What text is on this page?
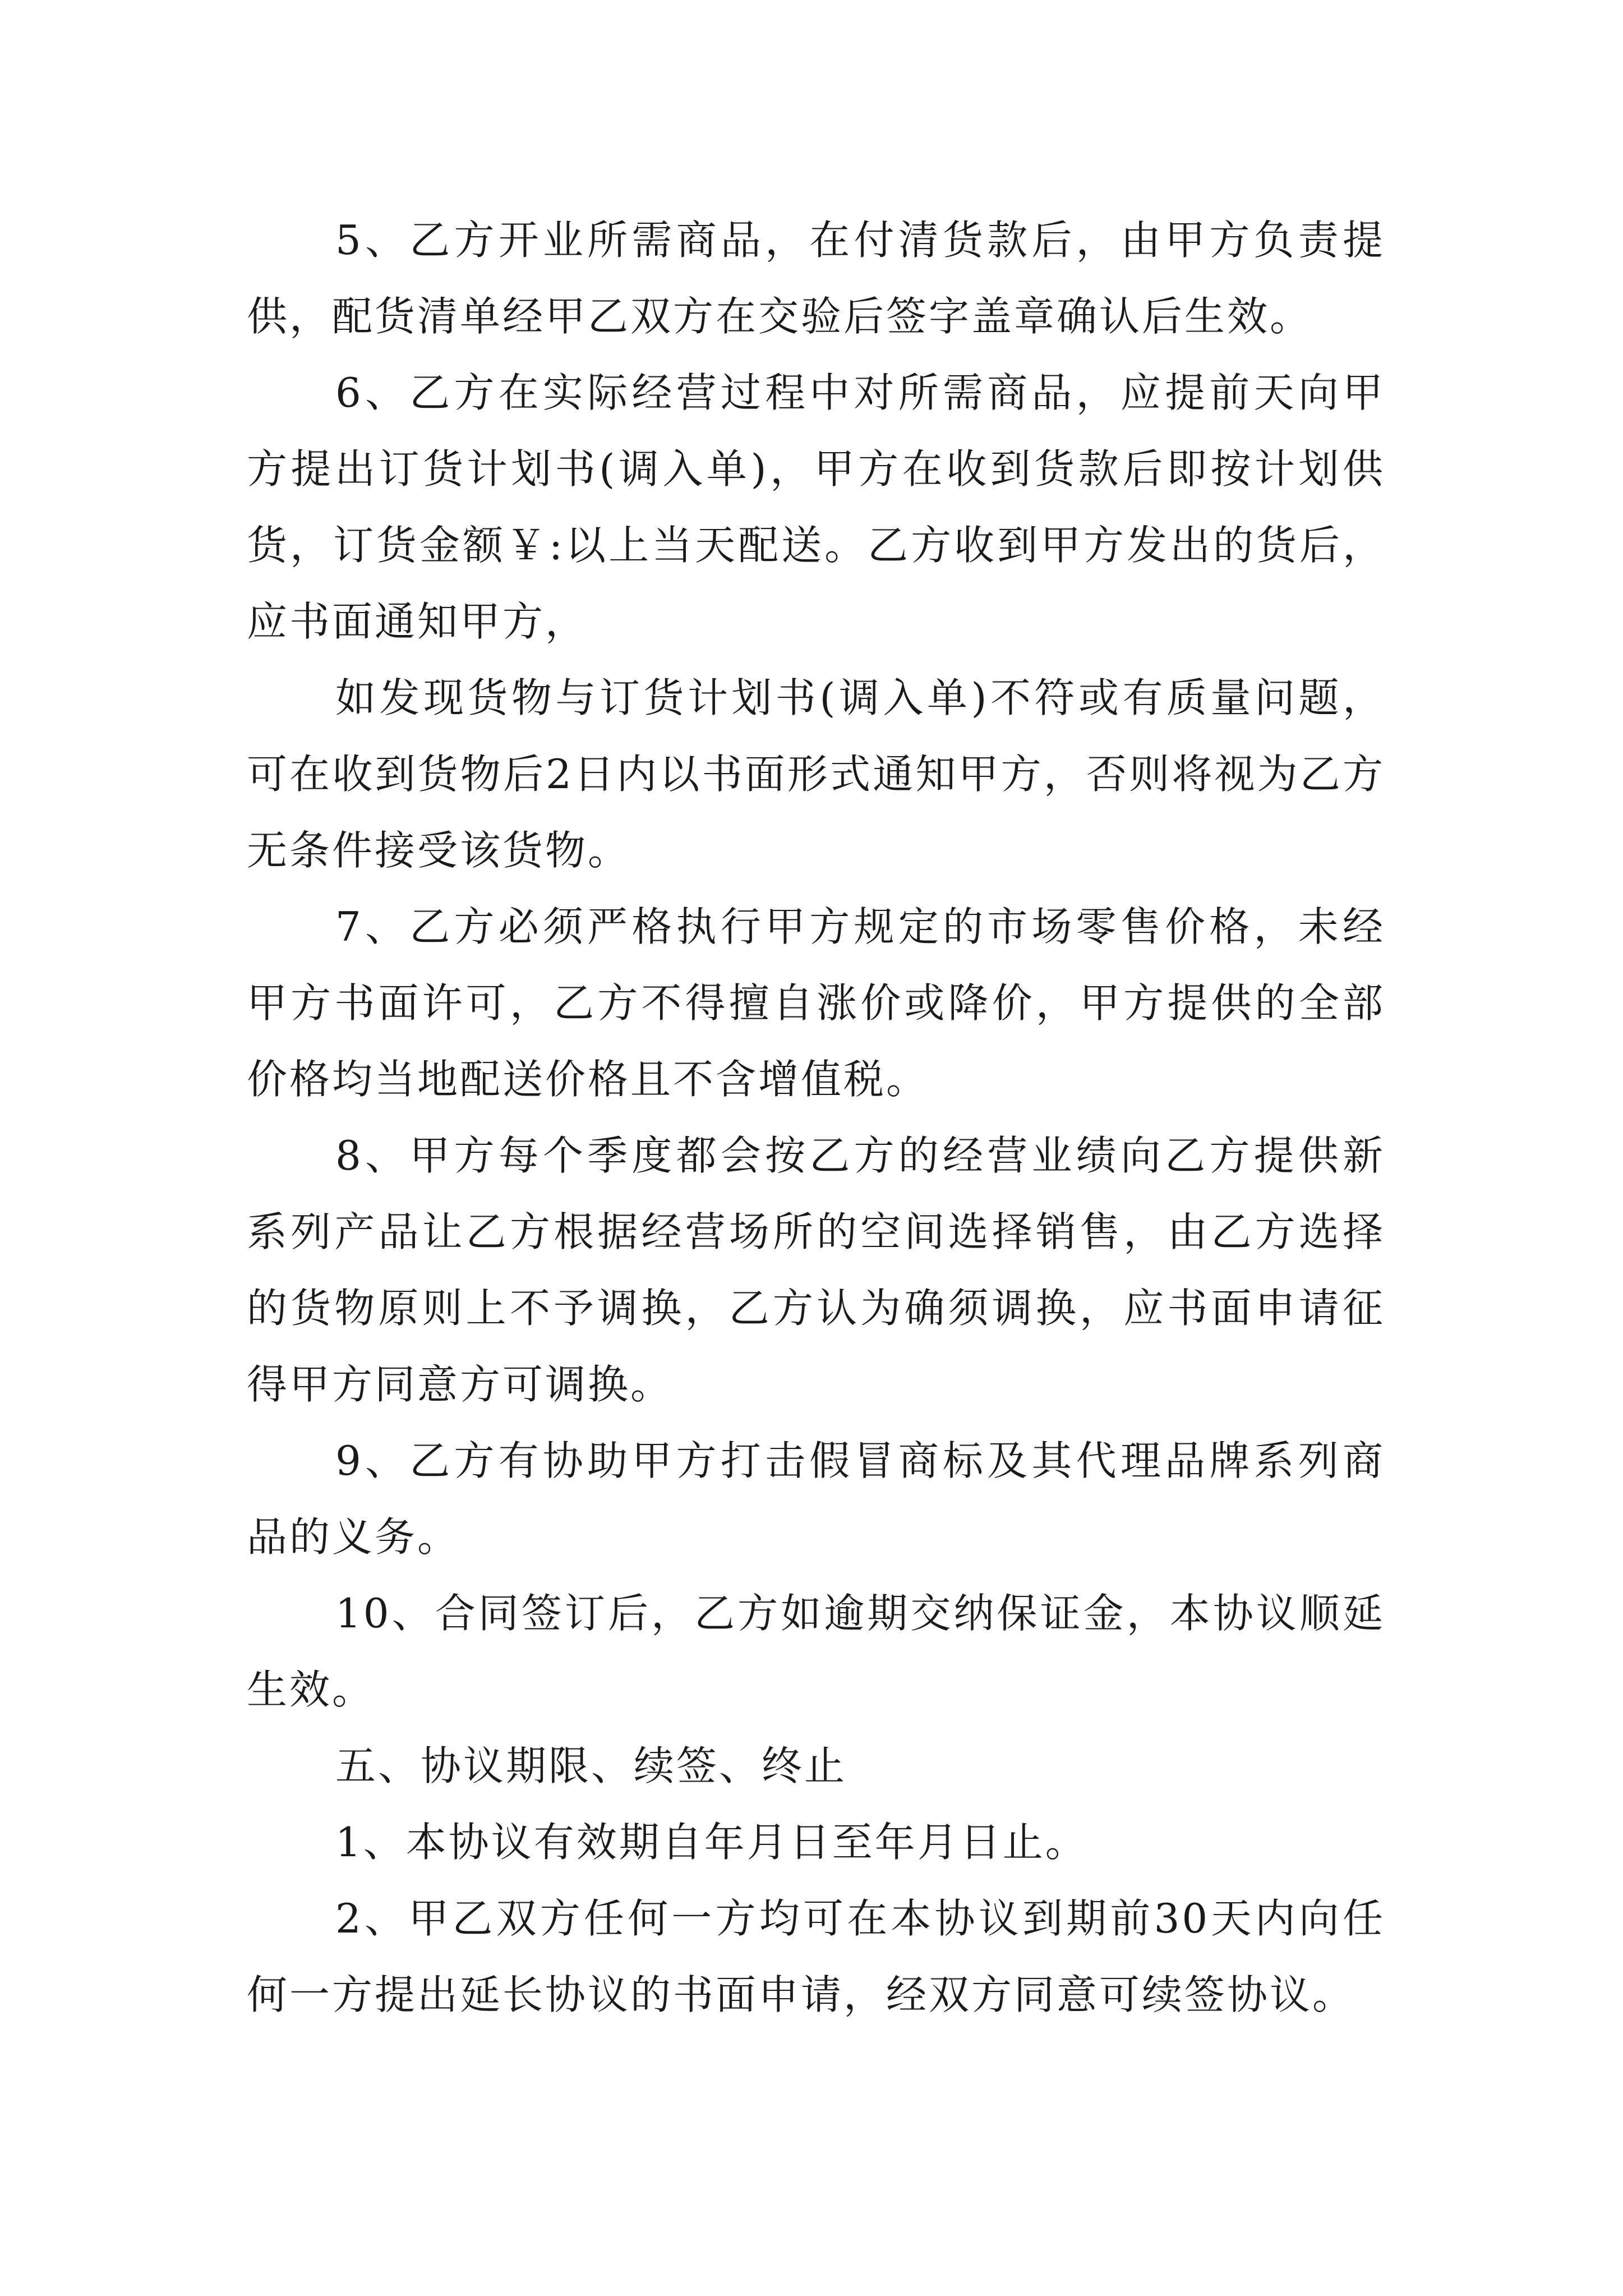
5、乙方开业所需商品，在付清货款后，由甲方负责提供，配货清单经甲乙双方在交验后签字盖章确认后生效。

6、乙方在实际经营过程中对所需商品，应提前天向甲方提出订货计划书(调入单)，甲方在收到货款后即按计划供货，订货金额￥:以上当天配送。乙方收到甲方发出的货后，应书面通知甲方，

如发现货物与订货计划书(调入单)不符或有质量问题，可在收到货物后2日内以书面形式通知甲方，否则将视为乙方无条件接受该货物。

7、乙方必须严格执行甲方规定的市场零售价格，未经甲方书面许可，乙方不得擅自涨价或降价，甲方提供的全部价格均当地配送价格且不含增值税。

8、甲方每个季度都会按乙方的经营业绩向乙方提供新系列产品让乙方根据经营场所的空间选择销售，由乙方选择的货物原则上不予调换，乙方认为确须调换，应书面申请征得甲方同意方可调换。

9、乙方有协助甲方打击假冒商标及其代理品牌系列商品的义务。

10、合同签订后，乙方如逾期交纳保证金，本协议顺延生效。

五、协议期限、续签、终止

1、本协议有效期自年月日至年月日止。

2、甲乙双方任何一方均可在本协议到期前30天内向任何一方提出延长协议的书面申请，经双方同意可续签协议。
